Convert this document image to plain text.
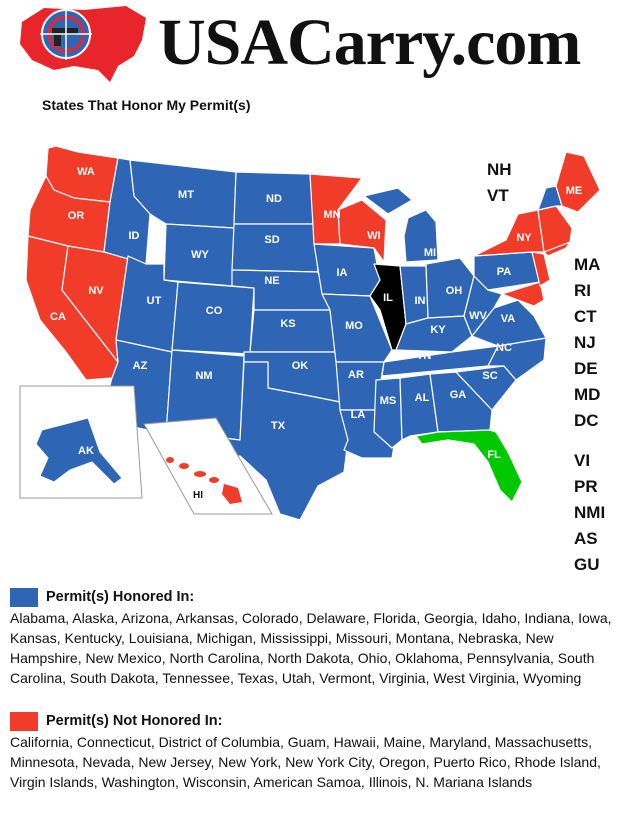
USACarry.com
States That Honor My Permit(s)
WA
OR
CA
NV
ID
MT
WY
UT
AZ
CO
NM
ND
SD
NE
KS
OK
TX
MN
IA
MO
AR
LA
WI
IL
MI
IN
OH
KY
TN
MS AL GA
FL
SC
NC
VA
WV
PA
NY
ME
AK
HI
NH
VT
MA
RI
CT
NJ
DE
MD
DC
VI
PR
NMI
AS
GU
Permit(s) Honored In:
Alabama, Alaska, Arizona, Arkansas, Colorado, Delaware, Florida, Georgia, Idaho, Indiana, Iowa, Kansas, Kentucky, Louisiana, Michigan, Mississippi, Missouri, Montana, Nebraska, New Hampshire, New Mexico, North Carolina, North Dakota, Ohio, Oklahoma, Pennsylvania, South Carolina, South Dakota, Tennessee, Texas, Utah, Vermont, Virginia, West Virginia, Wyoming
Permit(s) Not Honored In:
California, Connecticut, District of Columbia, Guam, Hawaii, Maine, Maryland, Massachusetts, Minnesota, Nevada, New Jersey, New York, New York City, Oregon, Puerto Rico, Rhode Island, Virgin Islands, Washington, Wisconsin, American Samoa, Illinois, N. Mariana Islands
